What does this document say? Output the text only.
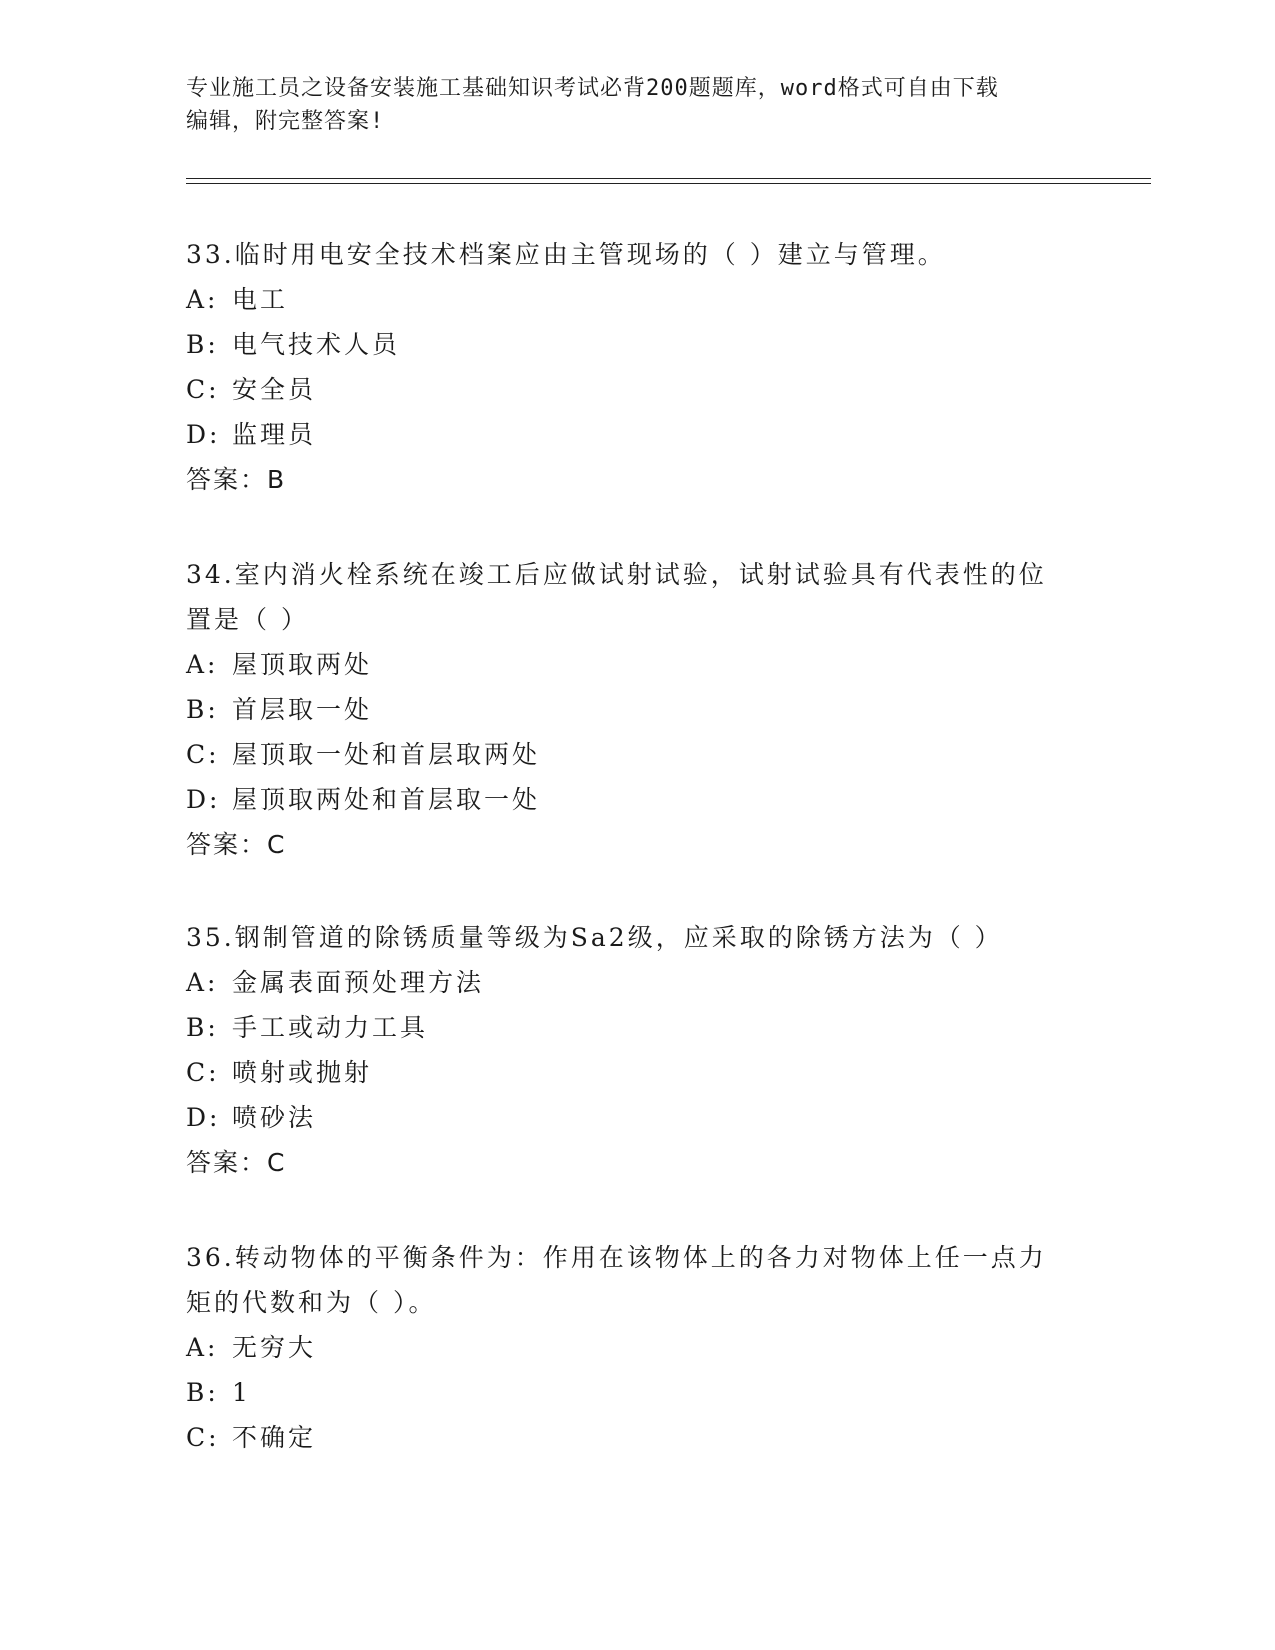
专业施工员之设备安装施工基础知识考试必背200题题库，word格式可自由下载
编辑，附完整答案!

33.临时用电安全技术档案应由主管现场的（ ）建立与管理。

A: 电工

B: 电气技术人员

C: 安全员

D: 监理员

答案：B

34.室内消火栓系统在竣工后应做试射试验，试射试验具有代表性的位

置是（ ）

A: 屋顶取两处

B: 首层取一处

C: 屋顶取一处和首层取两处

D: 屋顶取两处和首层取一处

答案：C

35.钢制管道的除锈质量等级为Sa2级，应采取的除锈方法为（ ）

A: 金属表面预处理方法

B: 手工或动力工具

C: 喷射或抛射

D: 喷砂法

答案：C

36.转动物体的平衡条件为：作用在该物体上的各力对物体上任一点力

矩的代数和为（ ）。

A: 无穷大

B: 1

C: 不确定
